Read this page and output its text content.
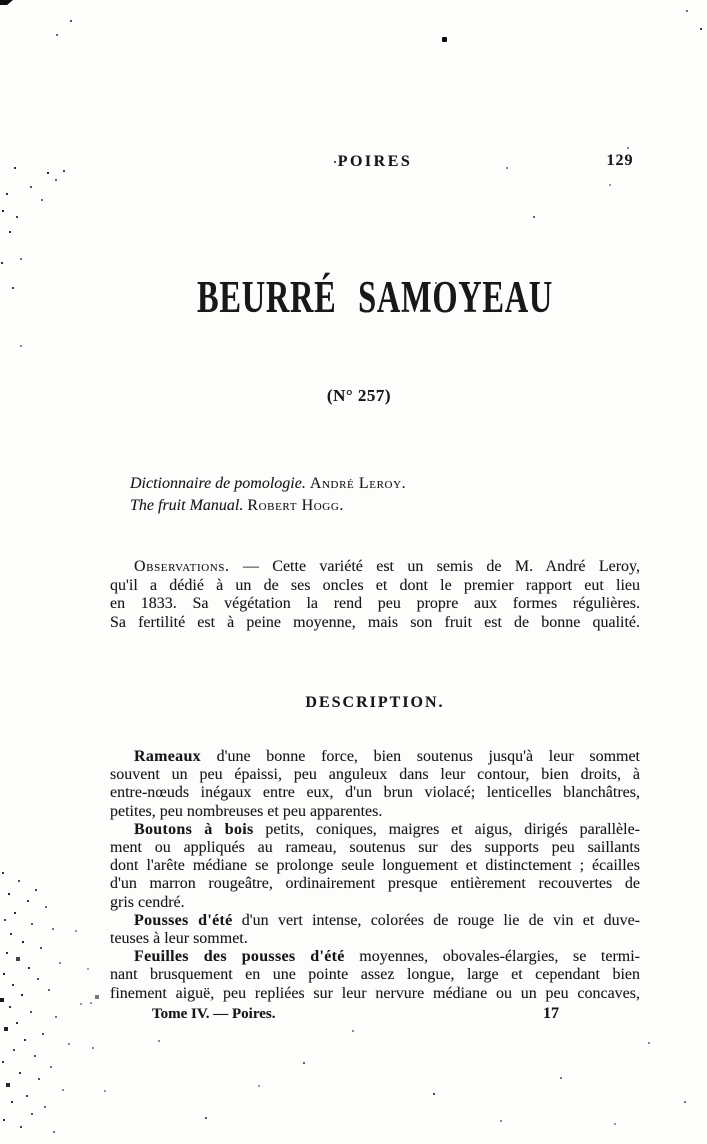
POIRES	129
BEURRÉ SAMOYEAU
(N° 257)
Dictionnaire de pomologie. André Leroy.
The fruit Manual. Robert Hogg.
Observations. — Cette variété est un semis de M. André Leroy,
qu'il a dédié à un de ses oncles et dont le premier rapport eut lieu
en 1833. Sa végétation la rend peu propre aux formes régulières.
Sa fertilité est à peine moyenne, mais son fruit est de bonne qualité.
DESCRIPTION.
Rameaux d'une bonne force, bien soutenus jusqu'à leur sommet
souvent un peu épaissi, peu anguleux dans leur contour, bien droits, à
entre-nœuds inégaux entre eux, d'un brun violacé; lenticelles blanchâtres,
petites, peu nombreuses et peu apparentes.
Boutons à bois petits, coniques, maigres et aigus, dirigés parallèle-
ment ou appliqués au rameau, soutenus sur des supports peu saillants
dont l'arête médiane se prolonge seule longuement et distinctement ; écailles
d'un marron rougeâtre, ordinairement presque entièrement recouvertes de
gris cendré.
Pousses d'été d'un vert intense, colorées de rouge lie de vin et duve-
teuses à leur sommet.
Feuilles des pousses d'été moyennes, obovales-élargies, se termi-
nant brusquement en une pointe assez longue, large et cependant bien
finement aiguë, peu repliées sur leur nervure médiane ou un peu concaves,
Tome IV. — Poires.	17
